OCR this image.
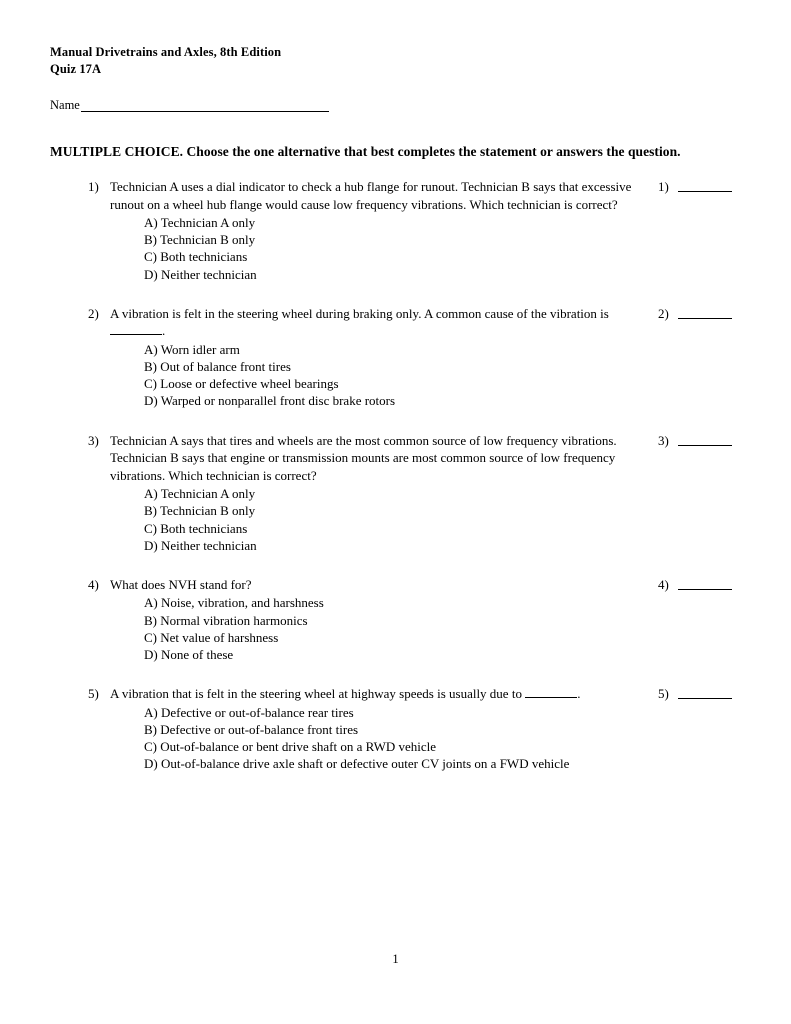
Manual Drivetrains and Axles, 8th Edition
Quiz 17A
Name
MULTIPLE CHOICE. Choose the one alternative that best completes the statement or answers the question.
1) Technician A uses a dial indicator to check a hub flange for runout. Technician B says that excessive runout on a wheel hub flange would cause low frequency vibrations. Which technician is correct?
A) Technician A only
B) Technician B only
C) Both technicians
D) Neither technician
1)
2) A vibration is felt in the steering wheel during braking only. A common cause of the vibration is
.
A) Worn idler arm
B) Out of balance front tires
C) Loose or defective wheel bearings
D) Warped or nonparallel front disc brake rotors
2)
3) Technician A says that tires and wheels are the most common source of low frequency vibrations. Technician B says that engine or transmission mounts are most common source of low frequency vibrations. Which technician is correct?
A) Technician A only
B) Technician B only
C) Both technicians
D) Neither technician
3)
4) What does NVH stand for?
A) Noise, vibration, and harshness
B) Normal vibration harmonics
C) Net value of harshness
D) None of these
4)
5) A vibration that is felt in the steering wheel at highway speeds is usually due to	.
A) Defective or out-of-balance rear tires
B) Defective or out-of-balance front tires
C) Out-of-balance or bent drive shaft on a RWD vehicle
D) Out-of-balance drive axle shaft or defective outer CV joints on a FWD vehicle
5)
1
